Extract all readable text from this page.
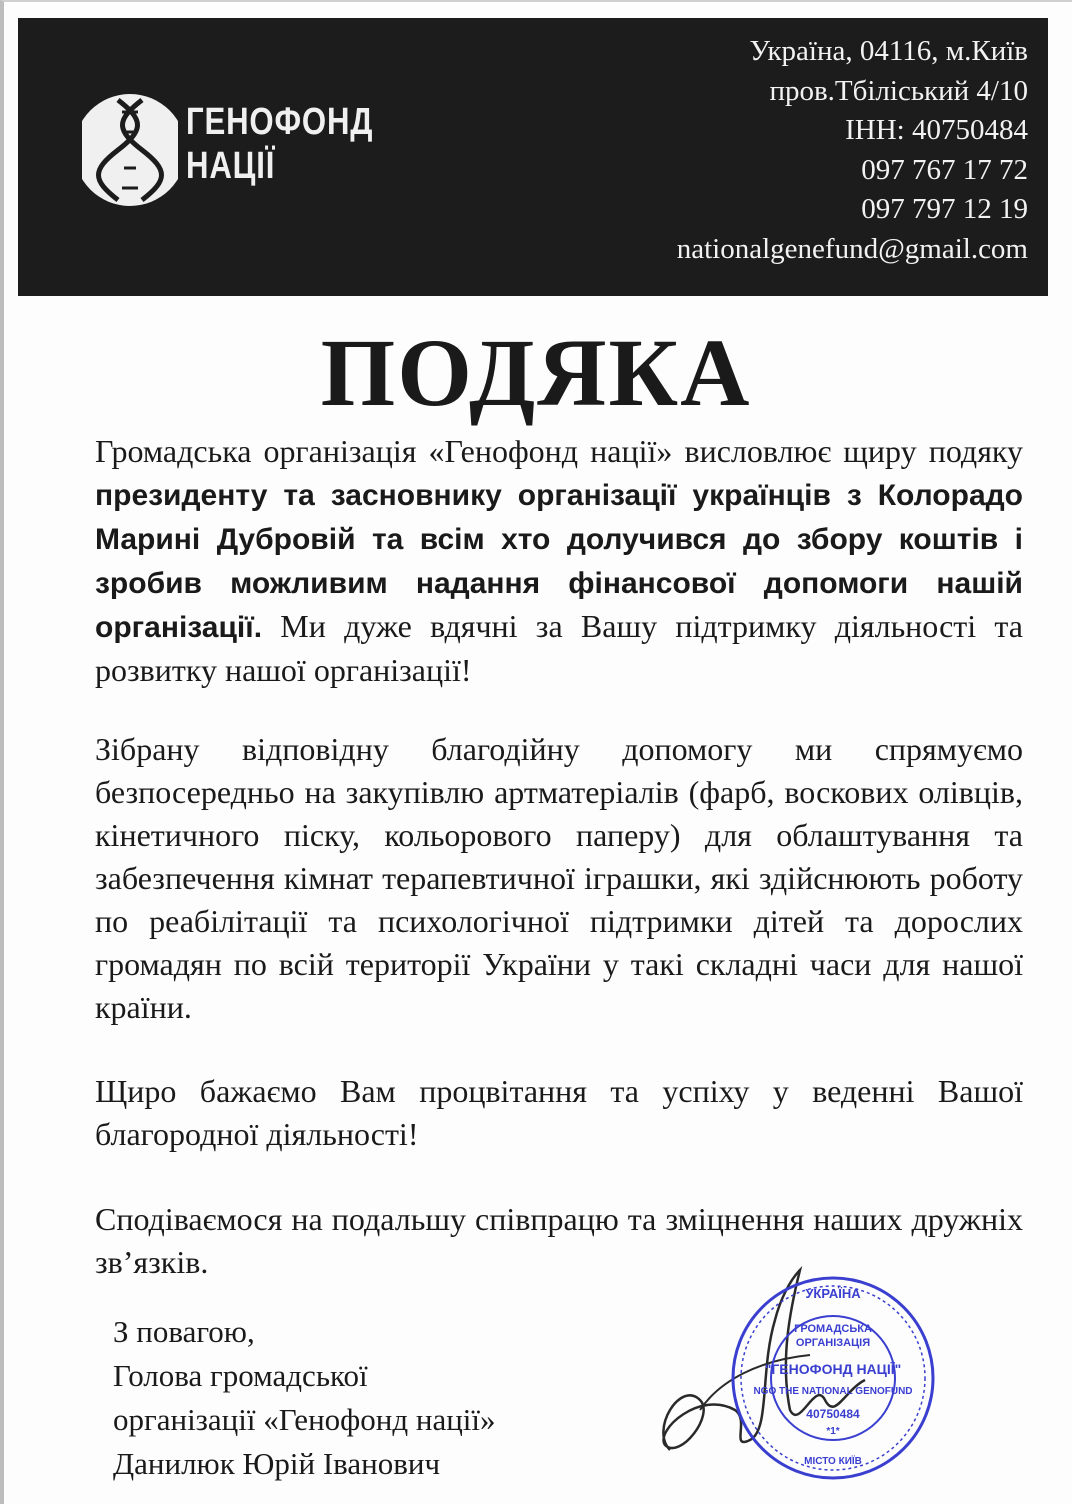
ГЕНОФОНД
НАЦІЇ
Україна, 04116, м.Київ
пров.Тбіліський 4/10
ІНН: 40750484
097 767 17 72
097 797 12 19
nationalgenefund@gmail.com
ПОДЯКА
Громадська організація «Генофонд нації» висловлює щиру подяку президенту та засновнику організації українців з Колорадо Марині Дубровій та всім хто долучився до збору коштів і зробив можливим надання фінансової допомоги нашій організації. Ми дуже вдячні за Вашу підтримку діяльності та розвитку нашої організації!
Зібрану відповідну благодійну допомогу ми спрямуємо безпосередньо на закупівлю артматеріалів (фарб, воскових олівців, кінетичного піску, кольорового паперу) для облаштування та забезпечення кімнат терапевтичної іграшки, які здійснюють роботу по реабілітації та психологічної підтримки дітей та дорослих громадян по всій території України у такі складні часи для нашої країни.
Щиро бажаємо Вам процвітання та успіху у веденні Вашої благородної діяльності!
Сподіваємося на подальшу співпрацю та зміцнення наших дружніх зв’язків.
З повагою,
Голова громадської
організації «Генофонд нації»
Данилюк Юрій Іванович
УКРАЇНА
ГРОМАДСЬКА
ОРГАНІЗАЦІЯ
"ГЕНОФОНД НАЦІЇ"
NGO THE NATIONAL GENOFUND
40750484
*1*
МІСТО КИЇВ
